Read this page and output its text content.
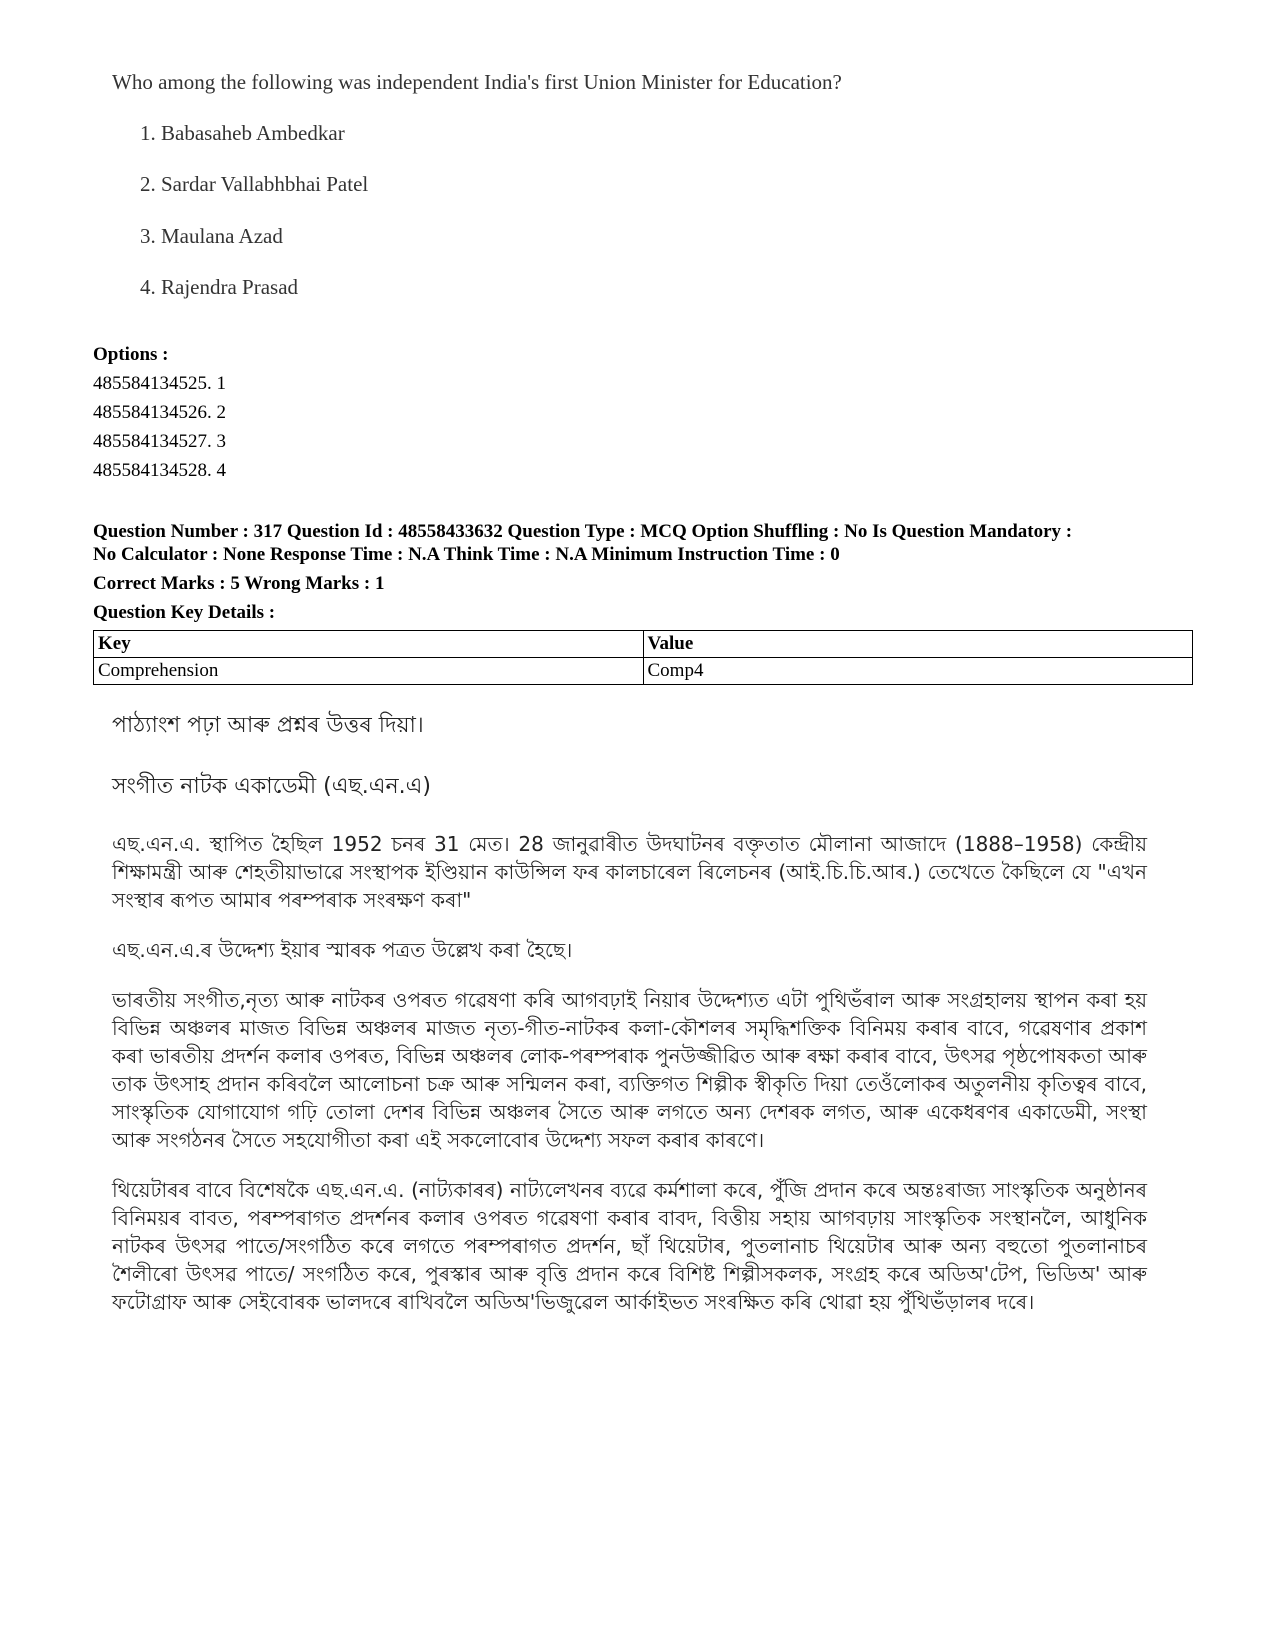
Who among the following was independent India's first Union Minister for Education?

1. Babasaheb Ambedkar

2. Sardar Vallabhbhai Patel

3. Maulana Azad

4. Rajendra Prasad

Options :
485584134525. 1
485584134526. 2
485584134527. 3
485584134528. 4

Question Number : 317 Question Id : 48558433632 Question Type : MCQ Option Shuffling : No Is Question Mandatory :

No Calculator : None Response Time : N.A Think Time : N.A Minimum Instruction Time : 0

Correct Marks : 5 Wrong Marks : 1

Question Key Details :

Key	Value
Comprehension	Comp4
পাঠ্যাংশ পঢ়া আৰু প্ৰশ্নৰ উত্তৰ দিয়া।
সংগীত নাটক একাডেমী (এছ.এন.এ)

এছ.এন.এ. স্থাপিত হৈছিল 1952 চনৰ 31 মেত। 28 জানুৱাৰীত উদঘাটনৰ বক্তৃতাত মৌলানা আজাদে (1888–1958) কেন্দ্ৰীয় শিক্ষামন্ত্ৰী আৰু শেহতীয়াভাৱে সংস্থাপক ইণ্ডিয়ান কাউন্সিল ফৰ কালচাৰেল ৰিলেচনৰ (আই.চি.চি.আৰ.) তেখেতে কৈছিলে যে "এখন সংস্থাৰ ৰূপত আমাৰ পৰম্পৰাক সংৰক্ষণ কৰা"

এছ.এন.এ.ৰ উদ্দেশ্য ইয়াৰ স্মাৰক পত্ৰত উল্লেখ কৰা হৈছে।

ভাৰতীয় সংগীত,নৃত্য আৰু নাটকৰ ওপৰত গৱেষণা কৰি আগবঢ়াই নিয়াৰ উদ্দেশ্যত এটা পুথিভঁৰাল আৰু সংগ্ৰহালয় স্থাপন কৰা হয় বিভিন্ন অঞ্চলৰ মাজত বিভিন্ন অঞ্চলৰ মাজত নৃত্য-গীত-নাটকৰ কলা-কৌশলৰ সমৃদ্ধিশক্তিক বিনিময় কৰাৰ বাবে, গৱেষণাৰ প্ৰকাশ কৰা ভাৰতীয় প্ৰদৰ্শন কলাৰ ওপৰত, বিভিন্ন অঞ্চলৰ লোক-পৰম্পৰাক পুনউজ্জীৱিত আৰু ৰক্ষা কৰাৰ বাবে, উৎসৱ পৃষ্ঠপোষকতা আৰু তাক উৎসাহ প্ৰদান কৰিবলৈ আলোচনা চক্ৰ আৰু সন্মিলন কৰা, ব্যক্তিগত শিল্পীক স্বীকৃতি দিয়া তেওঁলোকৰ অতুলনীয় কৃতিত্বৰ বাবে, সাংস্কৃতিক যোগাযোগ গঢ়ি তোলা দেশৰ বিভিন্ন অঞ্চলৰ সৈতে আৰু লগতে অন্য দেশৰক লগত, আৰু একেধৰণৰ একাডেমী, সংস্থা আৰু সংগঠনৰ সৈতে সহযোগীতা কৰা এই সকলোবোৰ উদ্দেশ্য সফল কৰাৰ কাৰণে।

থিয়েটাৰৰ বাবে বিশেষকৈ এছ.এন.এ. (নাট্যকাৰৰ) নাট্যলেখনৰ ব্যৱে কৰ্মশালা কৰে, পুঁজি প্ৰদান কৰে অন্তঃৰাজ্য সাংস্কৃতিক অনুষ্ঠানৰ বিনিময়ৰ বাবত, পৰম্পৰাগত প্ৰদৰ্শনৰ কলাৰ ওপৰত গৱেষণা কৰাৰ বাবদ, বিত্তীয় সহায় আগবঢ়ায় সাংস্কৃতিক সংস্থানলৈ, আধুনিক নাটকৰ উৎসৱ পাতে/সংগঠিত কৰে লগতে পৰম্পৰাগত প্ৰদৰ্শন, ছাঁ থিয়েটাৰ, পুতলানাচ থিয়েটাৰ আৰু অন্য বহুতো পুতলানাচৰ শৈলীৰো উৎসৱ পাতে/ সংগঠিত কৰে, পুৰস্কাৰ আৰু বৃত্তি প্ৰদান কৰে বিশিষ্ট শিল্পীসকলক, সংগ্ৰহ কৰে অডিঅ'টেপ, ভিডিঅ' আৰু ফটোগ্ৰাফ আৰু সেইবোৰক ভালদৰে ৰাখিবলৈ অডিঅ'ভিজুৱেল আৰ্কাইভত সংৰক্ষিত কৰি থোৱা হয় পুঁথিভঁড়ালৰ দৰে।
